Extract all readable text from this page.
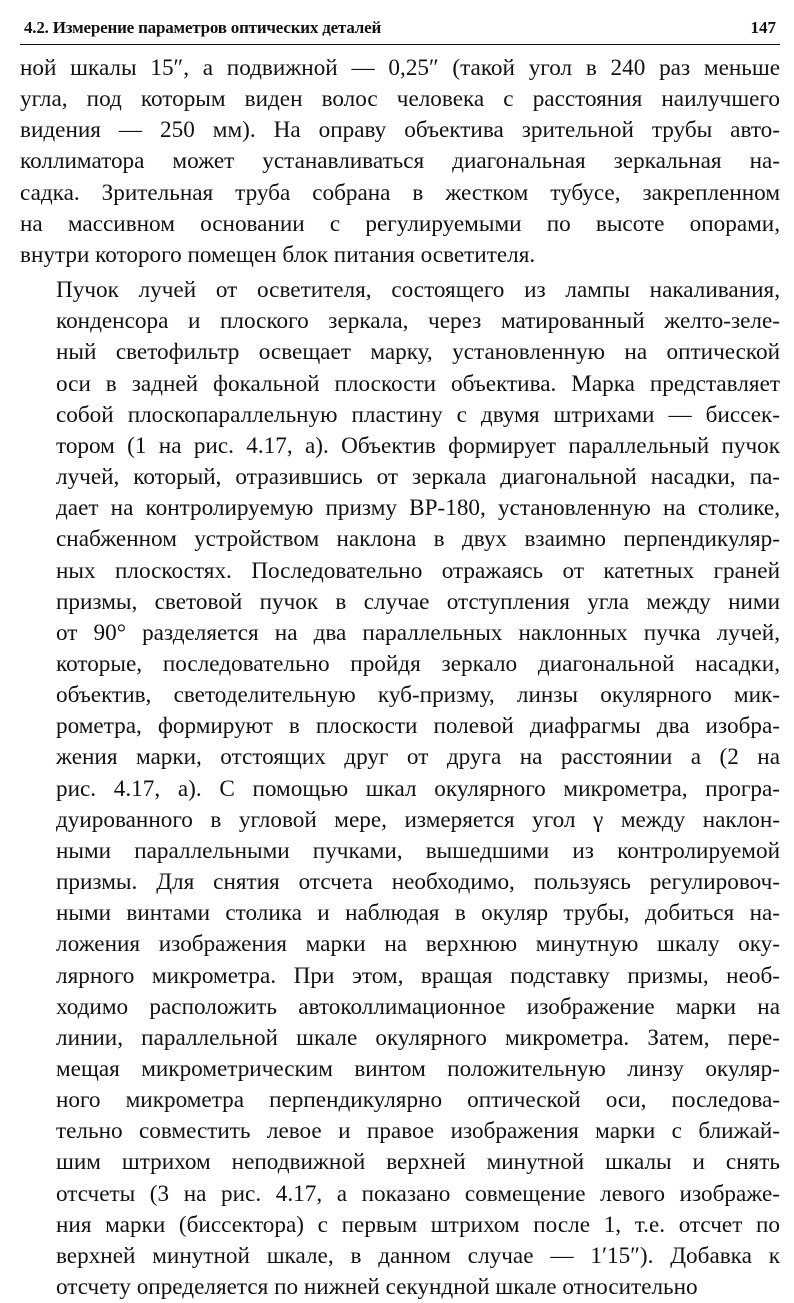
4.2. Измерение параметров оптических деталей	147

ной шкалы 15″, а подвижной — 0,25″ (такой угол в 240 раз меньше
угла, под которым виден волос человека с расстояния наилучшего
видения — 250 мм). На оправу объектива зрительной трубы авто-
коллиматора может устанавливаться диагональная зеркальная на-
садка. Зрительная труба собрана в жестком тубусе, закрепленном
на массивном основании с регулируемыми по высоте опорами,
внутри которого помещен блок питания осветителя.

Пучок лучей от осветителя, состоящего из лампы накаливания,
конденсора и плоского зеркала, через матированный желто-зеле-
ный светофильтр освещает марку, установленную на оптической
оси в задней фокальной плоскости объектива. Марка представляет
собой плоскопараллельную пластину с двумя штрихами — биссек-
тором (1 на рис. 4.17, а). Объектив формирует параллельный пучок
лучей, который, отразившись от зеркала диагональной насадки, па-
дает на контролируемую призму ВР-180, установленную на столике,
снабженном устройством наклона в двух взаимно перпендикуляр-
ных плоскостях. Последовательно отражаясь от катетных граней
призмы, световой пучок в случае отступления угла между ними
от 90° разделяется на два параллельных наклонных пучка лучей,
которые, последовательно пройдя зеркало диагональной насадки,
объектив, светоделительную куб-призму, линзы окулярного мик-
рометра, формируют в плоскости полевой диафрагмы два изобра-
жения марки, отстоящих друг от друга на расстоянии а (2 на
рис. 4.17, а). С помощью шкал окулярного микрометра, програ-
дуированного в угловой мере, измеряется угол γ между наклон-
ными параллельными пучками, вышедшими из контролируемой
призмы. Для снятия отсчета необходимо, пользуясь регулировоч-
ными винтами столика и наблюдая в окуляр трубы, добиться на-
ложения изображения марки на верхнюю минутную шкалу оку-
лярного микрометра. При этом, вращая подставку призмы, необ-
ходимо расположить автоколлимационное изображение марки на
линии, параллельной шкале окулярного микрометра. Затем, пере-
мещая микрометрическим винтом положительную линзу окуляр-
ного микрометра перпендикулярно оптической оси, последова-
тельно совместить левое и правое изображения марки с ближай-
шим штрихом неподвижной верхней минутной шкалы и снять
отсчеты (3 на рис. 4.17, а показано совмещение левого изображе-
ния марки (биссектора) с первым штрихом после 1, т.е. отсчет по
верхней минутной шкале, в данном случае — 1′15″). Добавка к
отсчету определяется по нижней секундной шкале относительно
